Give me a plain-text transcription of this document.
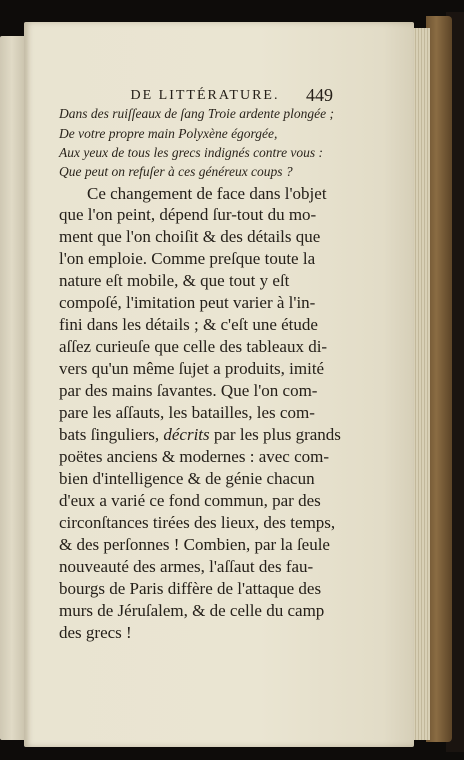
DE LITTÉRATURE.	449
Dans des ruiſſeaux de ſang Troie ardente plongée ;
De votre propre main Polyxène égorgée,
Aux yeux de tous les grecs indignés contre vous :
Que peut on refuſer à ces généreux coups ?
Ce changement de face dans l'objet
que l'on peint, dépend ſur-tout du mo-
ment que l'on choiſit & des détails que
l'on emploie. Comme preſque toute la
nature eſt mobile, & que tout y eſt
compoſé, l'imitation peut varier à l'in-
fini dans les détails ; & c'eſt une étude
aſſez curieuſe que celle des tableaux di-
vers qu'un même ſujet a produits, imité
par des mains ſavantes. Que l'on com-
pare les aſſauts, les batailles, les com-
bats ſinguliers, décrits par les plus grands
poëtes anciens & modernes : avec com-
bien d'intelligence & de génie chacun
d'eux a varié ce fond commun, par des
circonſtances tirées des lieux, des temps,
& des perſonnes ! Combien, par la ſeule
nouveauté des armes, l'aſſaut des fau-
bourgs de Paris diffère de l'attaque des
murs de Jéruſalem, & de celle du camp
des grecs !
